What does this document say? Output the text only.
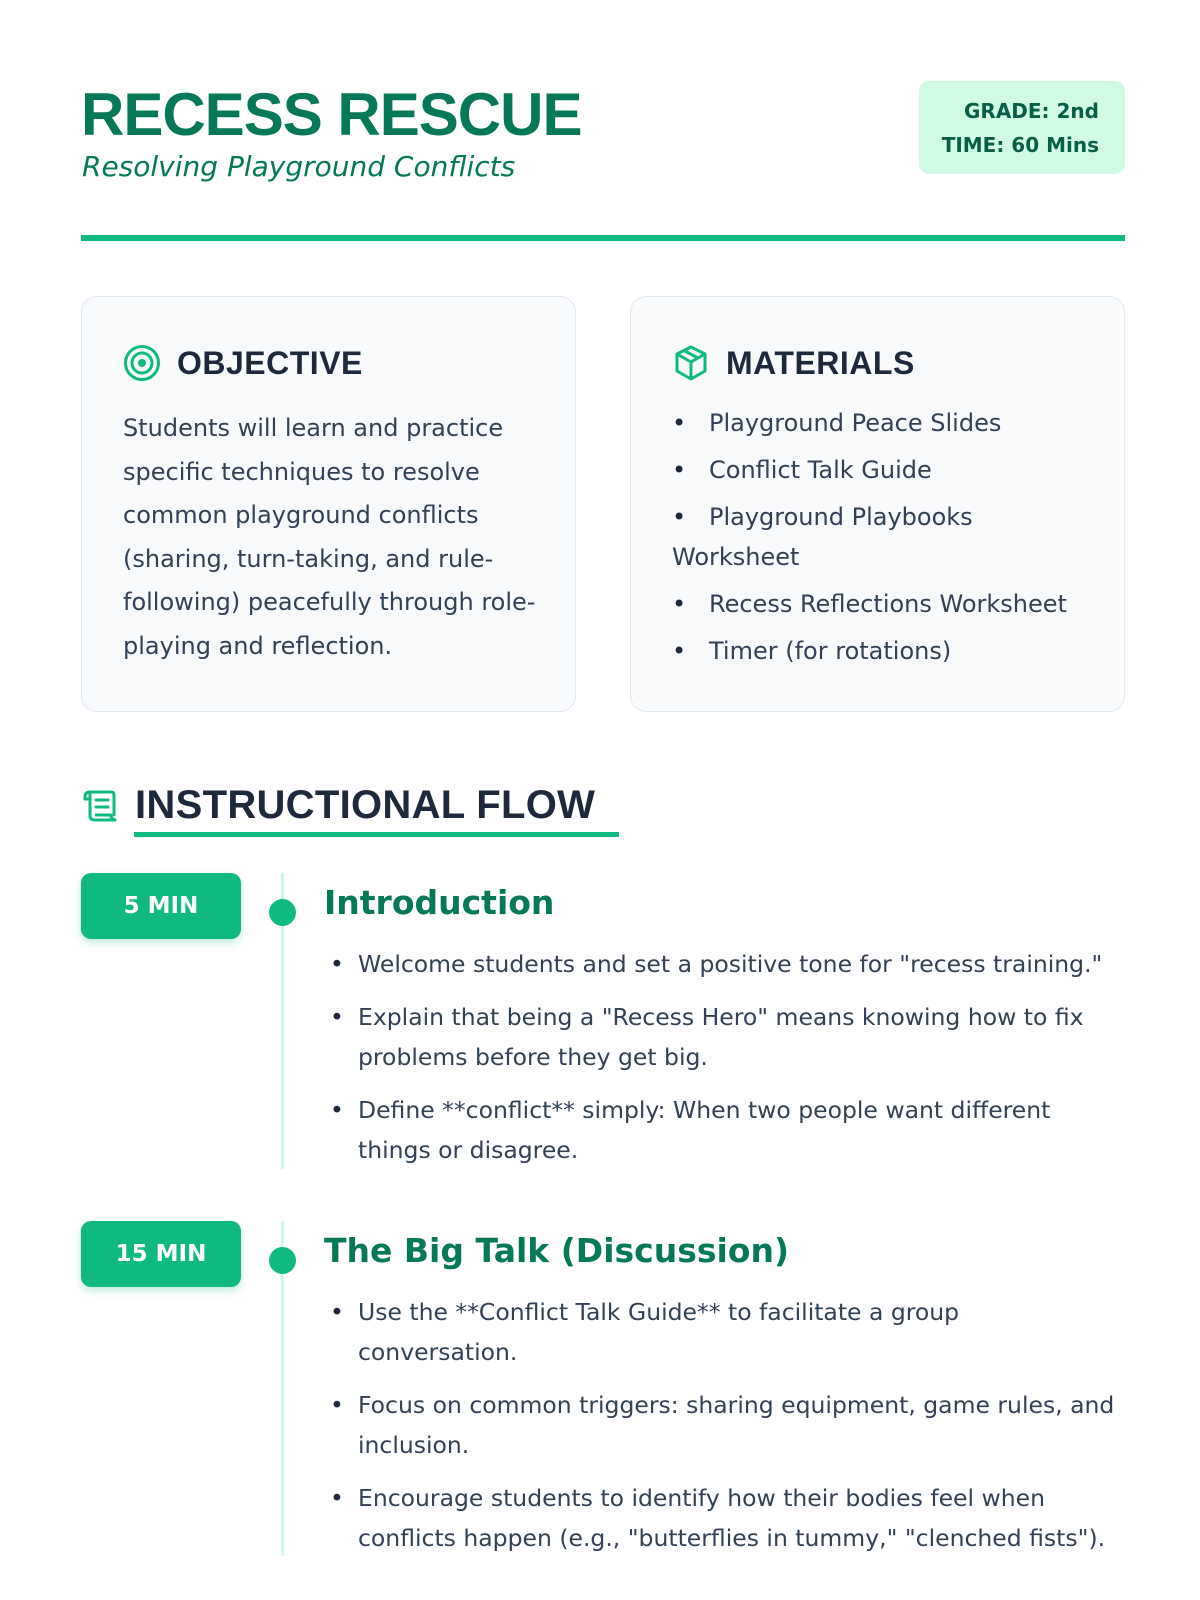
RECESS RESCUE

Resolving Playground Conflicts

GRADE: 2nd
TIME: 60 Mins
OBJECTIVE

Students will learn and practice specific techniques to resolve common playground conflicts (sharing, turn-taking, and rule-following) peacefully through role-playing and reflection.

MATERIALS
• Playground Peace Slides
• Conflict Talk Guide
• Playground Playbooks Worksheet
• Recess Reflections Worksheet
• Timer (for rotations)
INSTRUCTIONAL FLOW
5 MIN	Introduction
• Welcome students and set a positive tone for "recess training."
• Explain that being a "Recess Hero" means knowing how to fix problems before they get big.
• Define **conflict** simply: When two people want different things or disagree.
15 MIN	The Big Talk (Discussion)
• Use the **Conflict Talk Guide** to facilitate a group conversation.
• Focus on common triggers: sharing equipment, game rules, and inclusion.
• Encourage students to identify how their bodies feel when conflicts happen (e.g., "butterflies in tummy," "clenched fists").
